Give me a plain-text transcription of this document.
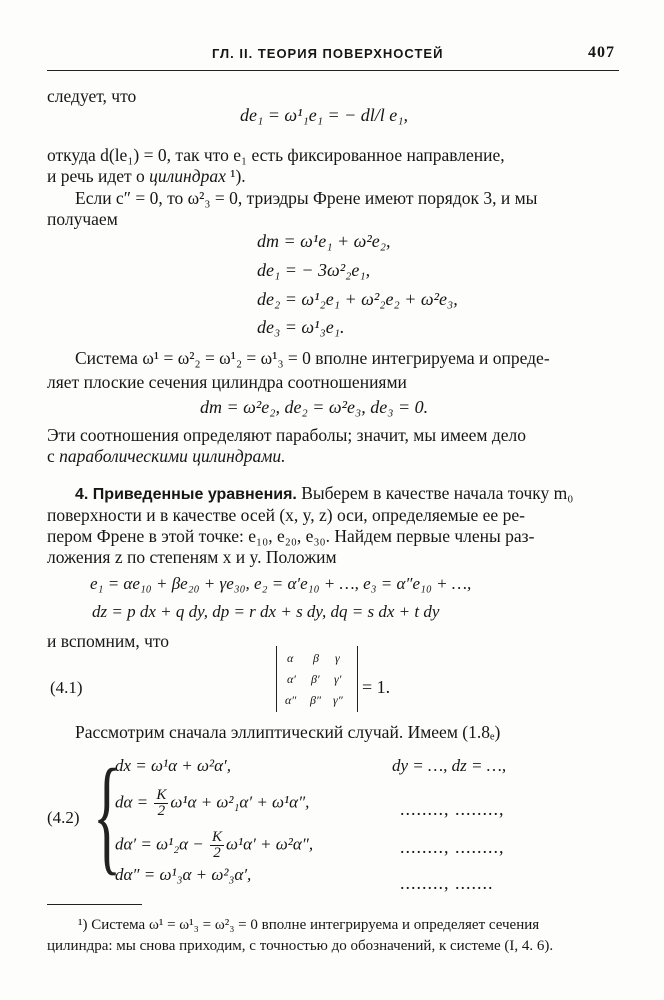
ГЛ. II. ТЕОРИЯ ПОВЕРХНОСТЕЙ	407
следует, что
de₁ = ω¹₁e₁ = − dl/l e₁,
откуда d(le₁) = 0, так что e₁ есть фиксированное направление,
и речь идет о цилиндрах ¹).
Если c″ = 0, то ω²₃ = 0, триэдры Френе имеют порядок 3, и мы
получаем
dm = ω¹e₁ + ω²e₂,
de₁ = − 3ω²₂e₁,
de₂ = ω¹₂e₁ + ω²₂e₂ + ω²e₃,
de₃ = ω¹₃e₁.
Система ω¹ = ω²₂ = ω¹₂ = ω¹₃ = 0 вполне интегрируема и опреде-
ляет плоские сечения цилиндра соотношениями
dm = ω²e₂, de₂ = ω²e₃, de₃ = 0.
Эти соотношения определяют параболы; значит, мы имеем дело
с параболическими цилиндрами.
4. Приведенные уравнения. Выберем в качестве начала точку m₀
поверхности и в качестве осей (x, y, z) оси, определяемые ее ре-
пером Френе в этой точке: e₁₀, e₂₀, e₃₀. Найдем первые члены раз-
ложения z по степеням x и y. Положим
e₁ = αe₁₀ + βe₂₀ + γe₃₀, e₂ = α′e₁₀ + …, e₃ = α″e₁₀ + …,
dz = p dx + q dy, dp = r dx + s dy, dq = s dx + t dy
и вспомним, что
(4.1)
α β γ
α′ β′ γ′
α″ β″ γ″
= 1.
Рассмотрим сначала эллиптический случай. Имеем (1.8ₑ)
(4.2) {
dx = ω¹α + ω²α′,	dy = …, dz = …,
$d\alpha = \frac{K}{2} \omega^1\alpha + \omega^2_1\alpha' + \omega^1\alpha''$,	........, ........,
$d\alpha' = \omega^1_2\alpha - \frac{K}{2} \omega^1\alpha' + \omega^2\alpha''$,	........, ........,
dα″ = ω¹₃α + ω²₃α′,	........, .......
¹) Система ω¹ = ω¹₃ = ω²₃ = 0 вполне интегрируема и определяет сечения
цилиндра: мы снова приходим, с точностью до обозначений, к системе (I, 4. 6).
